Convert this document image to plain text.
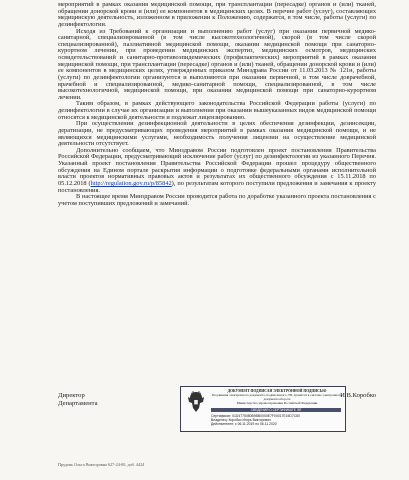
мероприятий в рамках оказания медицинской помощи, при трансплантации (пересадке) органов и (или) тканей, обращении донорской крови и (или) ее компонентов в медицинских целях. В перечне работ (услуг), составляющих медицинскую деятельность, изложенном в приложении к Положению, содержатся, в том числе, работы (услуги) по дезинфектологии.

Исходя из Требований к организации и выполнению работ (услуг) при оказании первичной медико-санитарной, специализированной (в том числе высокотехнологичной), скорой (в том числе скорой специализированной), паллиативной медицинской помощи, оказании медицинской помощи при санаторно-курортном лечении, при проведении медицинских экспертиз, медицинских осмотров, медицинских освидетельствований и санитарно-противоэпидемических (профилактических) мероприятий в рамках оказания медицинской помощи, при трансплантации (пересадке) органов и (или) тканей, обращении донорской крови и (или) ее компонентов в медицинских целях, утвержденных приказом Минздрава России от 11.03.2013 № 121н, работы (услуги) по дезинфектологии организуются и выполняются при оказании первичной, в том числе доврачебной, врачебной и специализированной, медико-санитарной помощи, специализированной, в том числе высокотехнологичной, медицинской помощи, при оказании медицинской помощи при санаторно-курортном лечении.

Таким образом, в рамках действующего законодательства Российской Федерации работы (услуги) по дезинфектологии в случае их организации и выполнения при оказании вышеуказанных видов медицинской помощи относятся к медицинской деятельности и подлежат лицензированию.

При осуществлении дезинфекционной деятельности в целях обеспечения дезинфекции, дезинсекции, дератизации, не предусматривающих проведения мероприятий в рамках оказания медицинской помощи, и не являющихся медицинскими услугами, необходимость получения лицензии на осуществление медицинской деятельности отсутствует.

Дополнительно сообщаем, что Минздравом России подготовлен проект постановления Правительства Российской Федерации, предусматривающий исключение работ (услуг) по дезинфектологии из указанного Перечня. Указанный проект постановления Правительства Российской Федерации прошел процедуру общественного обсуждения на Едином портале раскрытия информации о подготовке федеральными органами исполнительной власти проектов нормативных правовых актов и результатах их общественного обсуждения с 15.11.2018 по 05.12.2018 (http://regulation.gov.ru/p/85842), по результатам которого поступили предложения и замечания к проекту постановления.

В настоящее время Минздравом России проводится работа по доработке указанного проекта постановления с учетом поступивших предложений и замечаний.

Директор
Департамента
ДОКУМЕНТ ПОДПИСАН ЭЛЕКТРОННОЙ ПОДПИСЬЮ
Подлинник электронного документа, подписанного ЭП, хранится в системе электронного документооборота
Министерство здравоохранения Российской Федерации
СВЕДЕНИЯ О СЕРТИФИКАТЕ ЭП
Сертификат: 01D4775080B9BB0000E7F00017E15D7C80
Владелец: Коробко Игорь Викторович
Действителен: с 06.11.2019 по 06.11.2020
И.В.Коробко
Прудень Ольга Викторовна 627-24-00, доб. 4424
